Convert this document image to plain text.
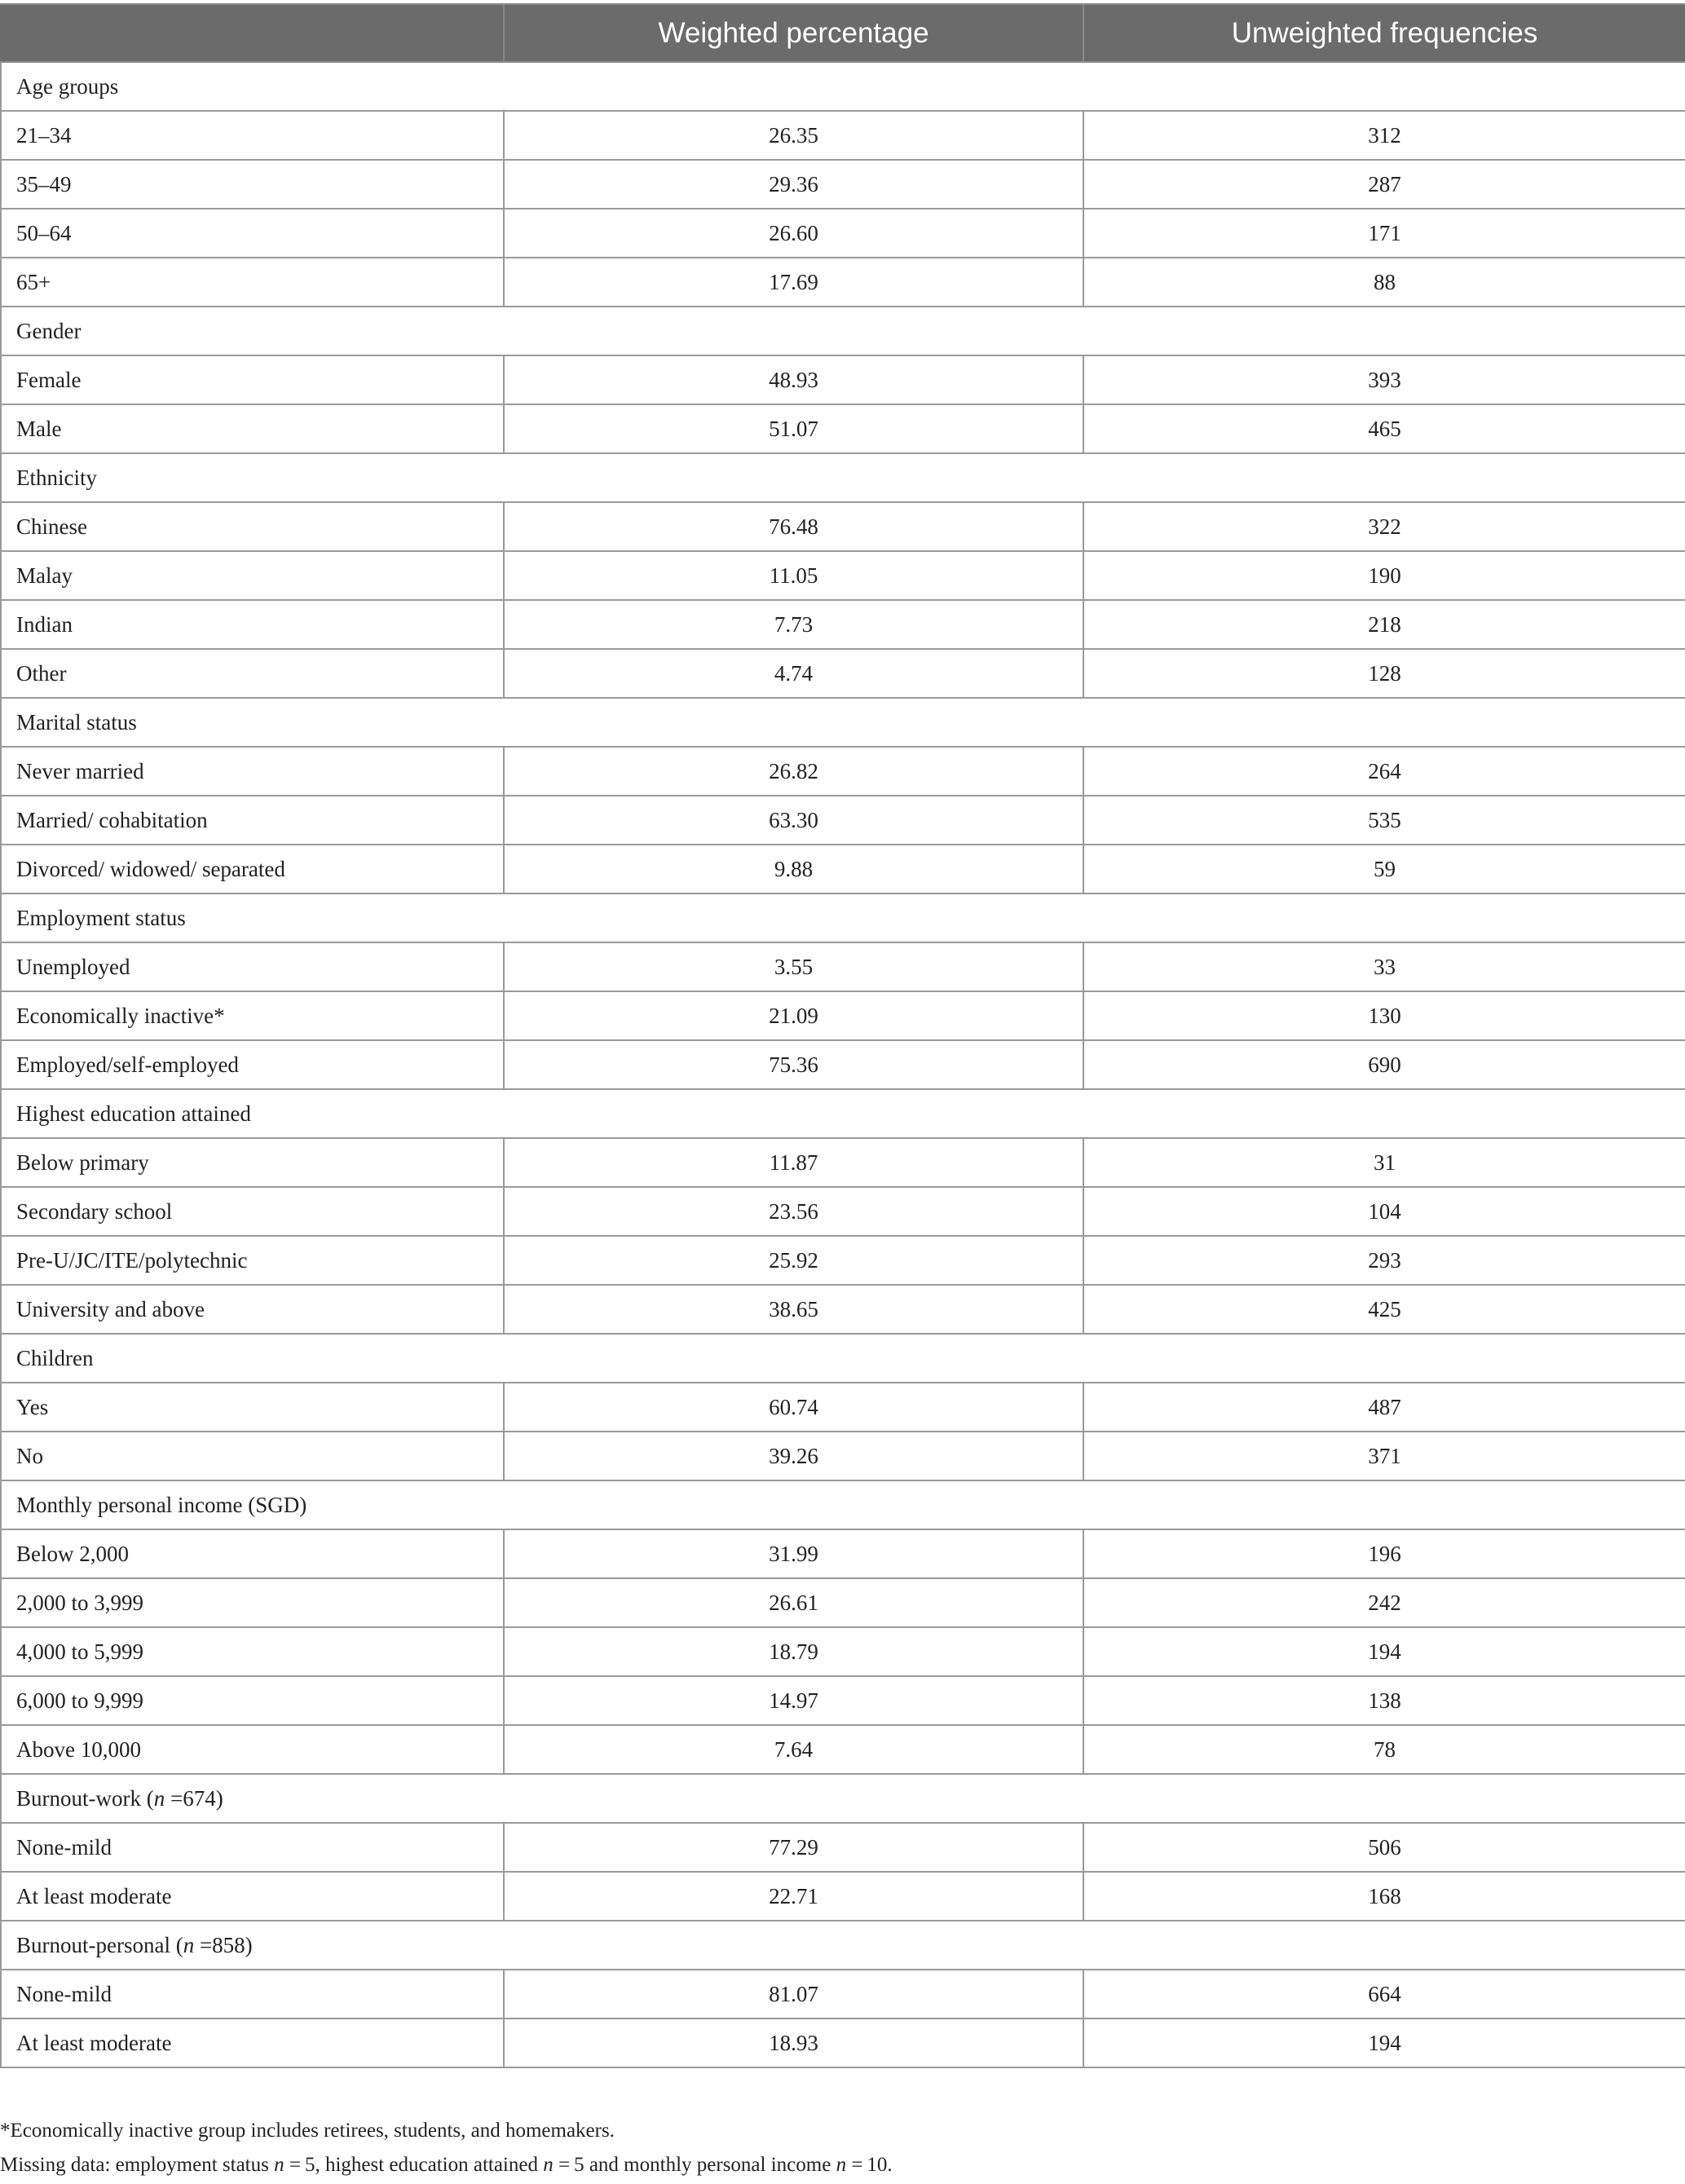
	Weighted percentage	Unweighted frequencies
Age groups		
21–34	26.35	312
35–49	29.36	287
50–64	26.60	171
65+	17.69	88
Gender		
Female	48.93	393
Male	51.07	465
Ethnicity		
Chinese	76.48	322
Malay	11.05	190
Indian	7.73	218
Other	4.74	128
Marital status		
Never married	26.82	264
Married/ cohabitation	63.30	535
Divorced/ widowed/ separated	9.88	59
Employment status		
Unemployed	3.55	33
Economically inactive*	21.09	130
Employed/self-employed	75.36	690
Highest education attained		
Below primary	11.87	31
Secondary school	23.56	104
Pre-U/JC/ITE/polytechnic	25.92	293
University and above	38.65	425
Children		
Yes	60.74	487
No	39.26	371
Monthly personal income (SGD)		
Below 2,000	31.99	196
2,000 to 3,999	26.61	242
4,000 to 5,999	18.79	194
6,000 to 9,999	14.97	138
Above 10,000	7.64	78
Burnout-work (n =674)		
None-mild	77.29	506
At least moderate	22.71	168
Burnout-personal (n =858)		
None-mild	81.07	664
At least moderate	18.93	194
*Economically inactive group includes retirees, students, and homemakers.
Missing data: employment status n = 5, highest education attained n = 5 and monthly personal income n = 10.
